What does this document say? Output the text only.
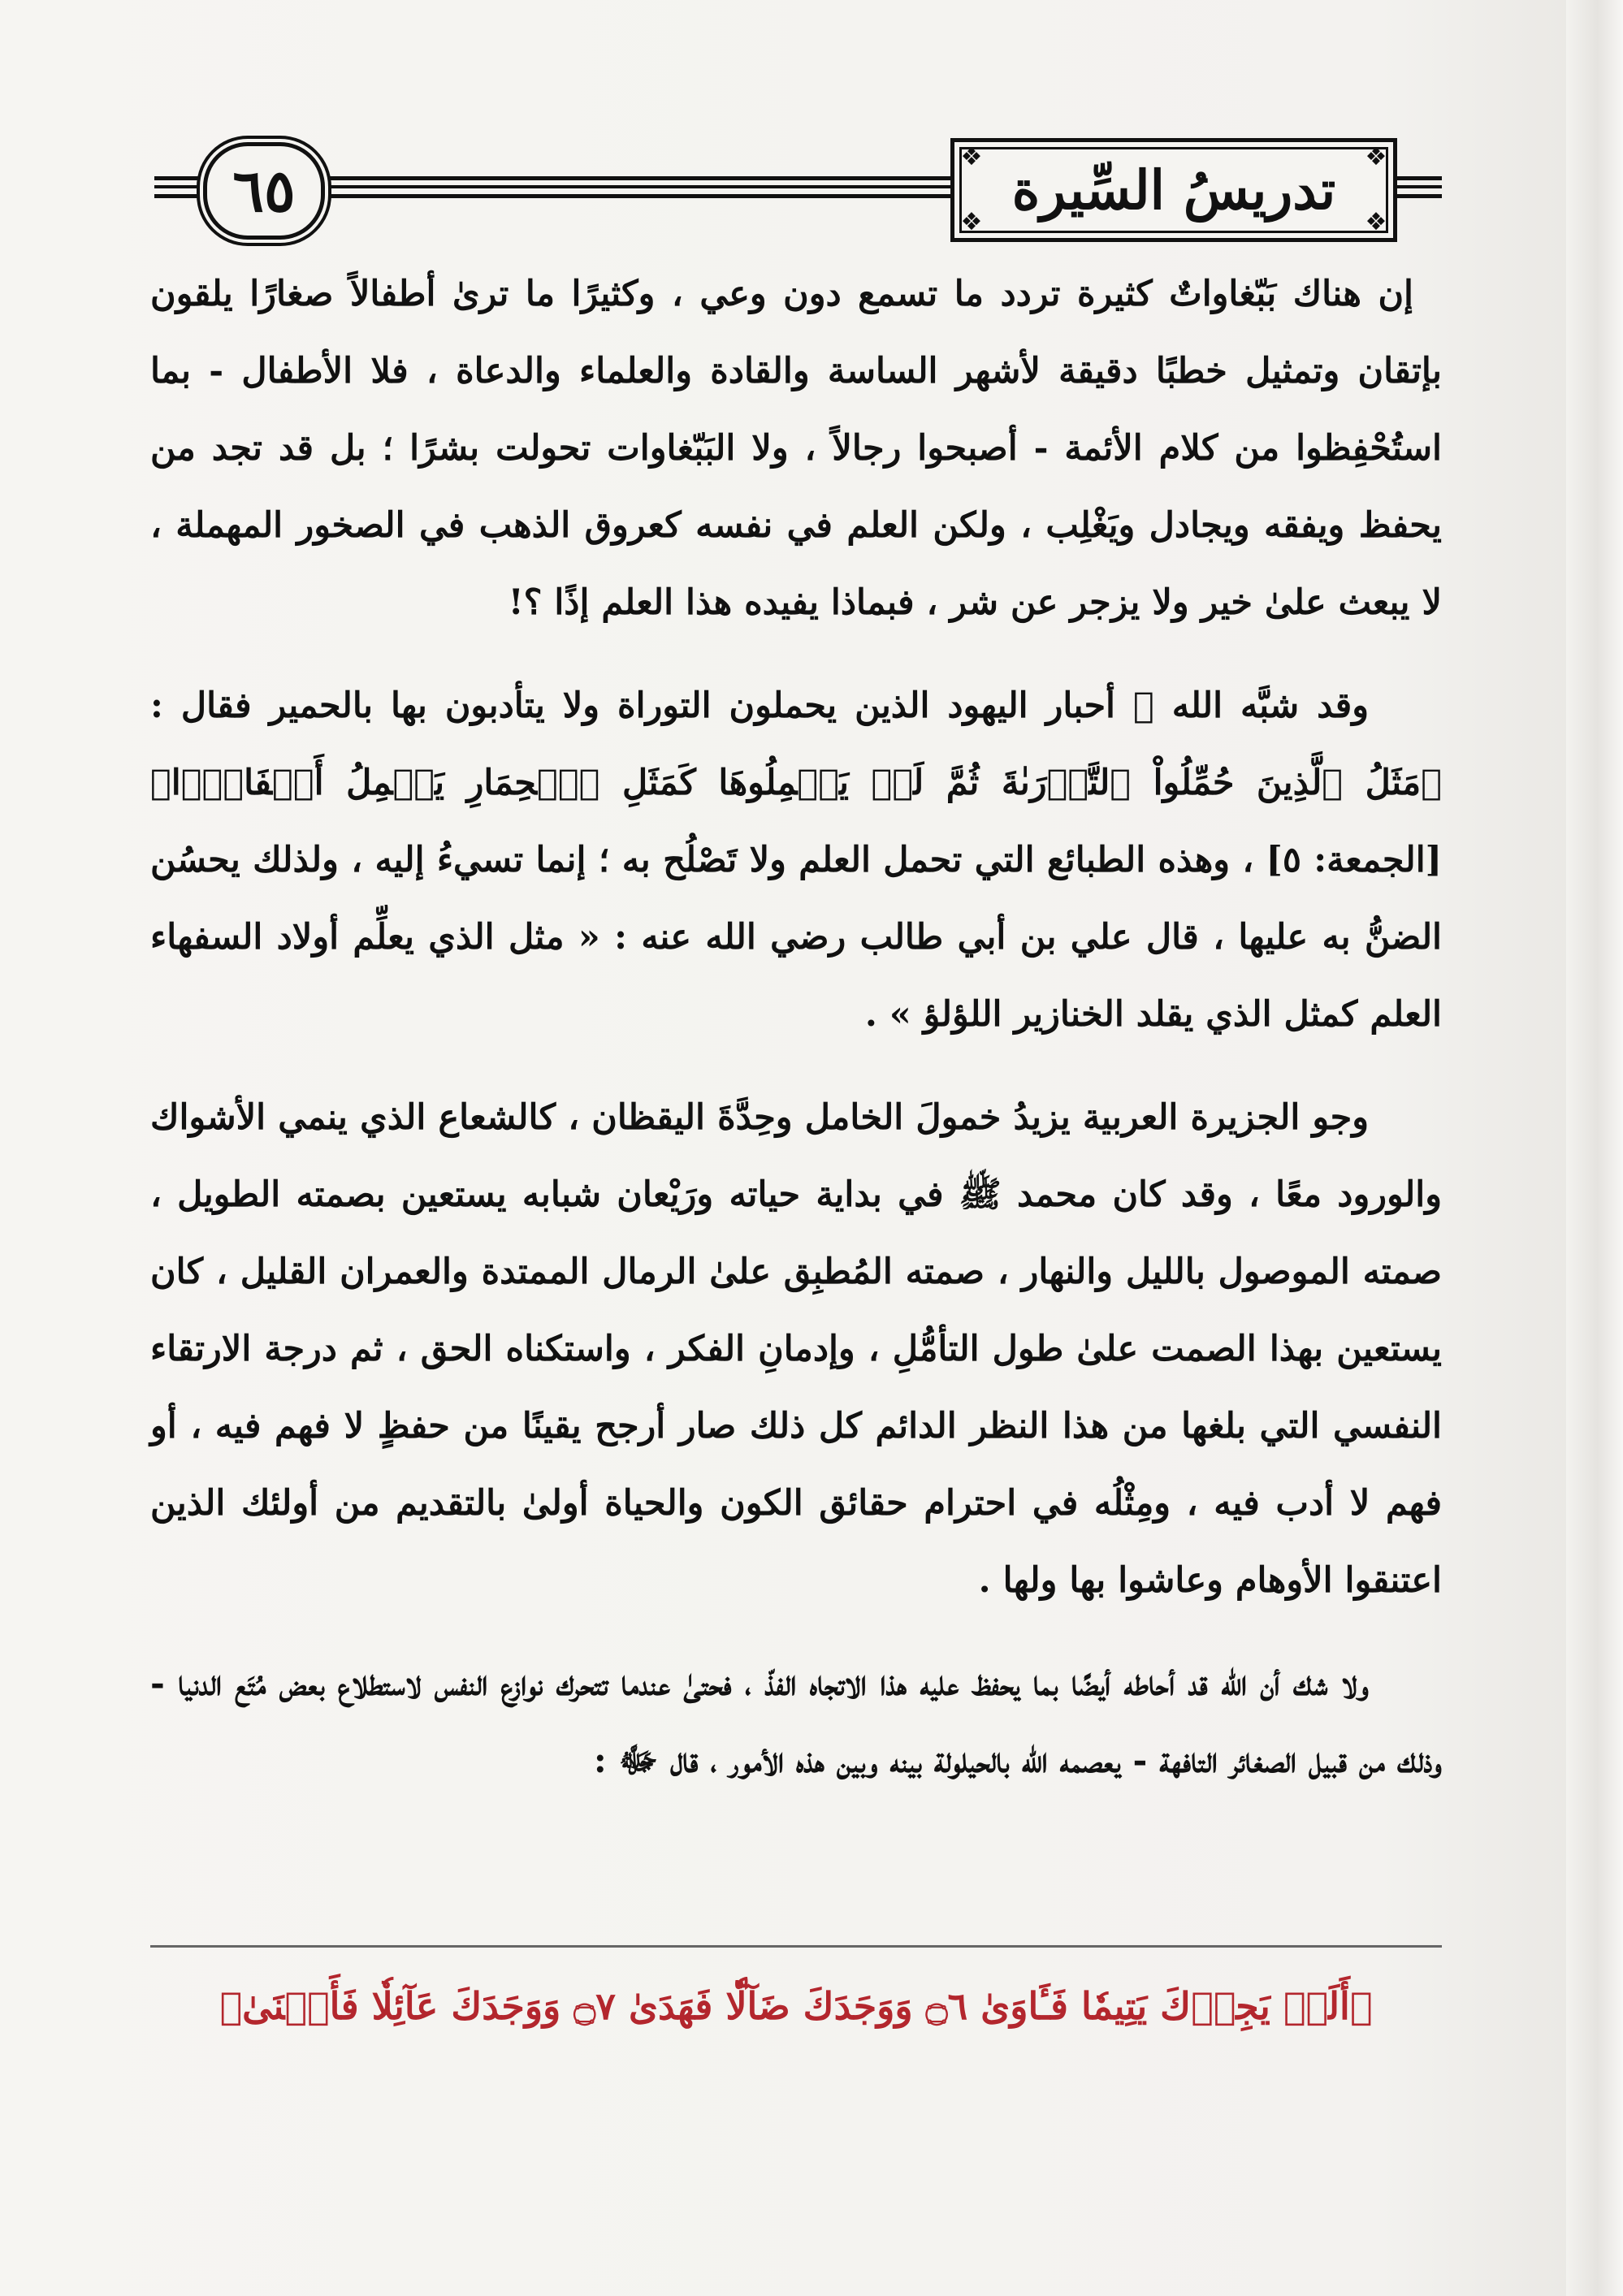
٦٥	❖	❖
❖	❖
تدريسُ السِّيرة

إن هناك بَبّغاواتٌ كثيرة تردد ما تسمع دون وعي ، وكثيرًا ما ترىٰ أطفالاً صغارًا يلقون بإتقان وتمثيل خطبًا دقيقة لأشهر الساسة والقادة والعلماء والدعاة ، فلا الأطفال - بما استُحْفِظوا من كلام الأئمة - أصبحوا رجالاً ، ولا البَبّغاوات تحولت بشرًا ؛ بل قد تجد من يحفظ ويفقه ويجادل ويَغْلِب ، ولكن العلم في نفسه كعروق الذهب في الصخور المهملة ، لا يبعث علىٰ خير ولا يزجر عن شر ، فبماذا يفيده هذا العلم إذًا ؟!

وقد شبَّه الله ﷻ أحبار اليهود الذين يحملون التوراة ولا يتأدبون بها بالحمير فقال : ﴿مَثَلُ ٱلَّذِينَ حُمِّلُواْ ٱلتَّوۡرَىٰةَ ثُمَّ لَمۡ يَحۡمِلُوهَا كَمَثَلِ ٱلۡحِمَارِ يَحۡمِلُ أَسۡفَارَۢا﴾ [الجمعة: ٥] ، وهذه الطبائع التي تحمل العلم ولا تَصْلُح به ؛ إنما تسيءُ إليه ، ولذلك يحسُن الضنُّ به عليها ، قال علي بن أبي طالب رضي الله عنه : « مثل الذي يعلِّم أولاد السفهاء العلم كمثل الذي يقلد الخنازير اللؤلؤ » .

وجو الجزيرة العربية يزيدُ خمولَ الخامل وحِدَّةَ اليقظان ، كالشعاع الذي ينمي الأشواك والورود معًا ، وقد كان محمد ﷺ في بداية حياته ورَيْعان شبابه يستعين بصمته الطويل ، صمته الموصول بالليل والنهار ، صمته المُطبِق علىٰ الرمال الممتدة والعمران القليل ، كان يستعين بهذا الصمت علىٰ طول التأمُّلِ ، وإدمانِ الفكر ، واستكناه الحق ، ثم درجة الارتقاء النفسي التي بلغها من هذا النظر الدائم كل ذلك صار أرجح يقينًا من حفظٍ لا فهم فيه ، أو فهم لا أدب فيه ، ومِثْلُه في احترام حقائق الكون والحياة أولىٰ بالتقديم من أولئك الذين اعتنقوا الأوهام وعاشوا بها ولها .

ولا شك أن الله قد أحاطه أيضًا بما يحفظ عليه هذا الاتجاه الفذّ ، فحتىٰ عندما تتحرك نوازع النفس لاستطلاع بعض مُتَع الدنيا - وذلك من قبيل الصغائر التافهة - يعصمه الله بالحيلولة بينه وبين هذه الأمور ، قال ﷻ :

﴿أَلَمۡ يَجِدۡكَ يَتِيمٗا فَـَٔاوَىٰ ۝٦ وَوَجَدَكَ ضَآلّٗا فَهَدَىٰ ۝٧ وَوَجَدَكَ عَآئِلٗا فَأَغۡنَىٰ﴾
